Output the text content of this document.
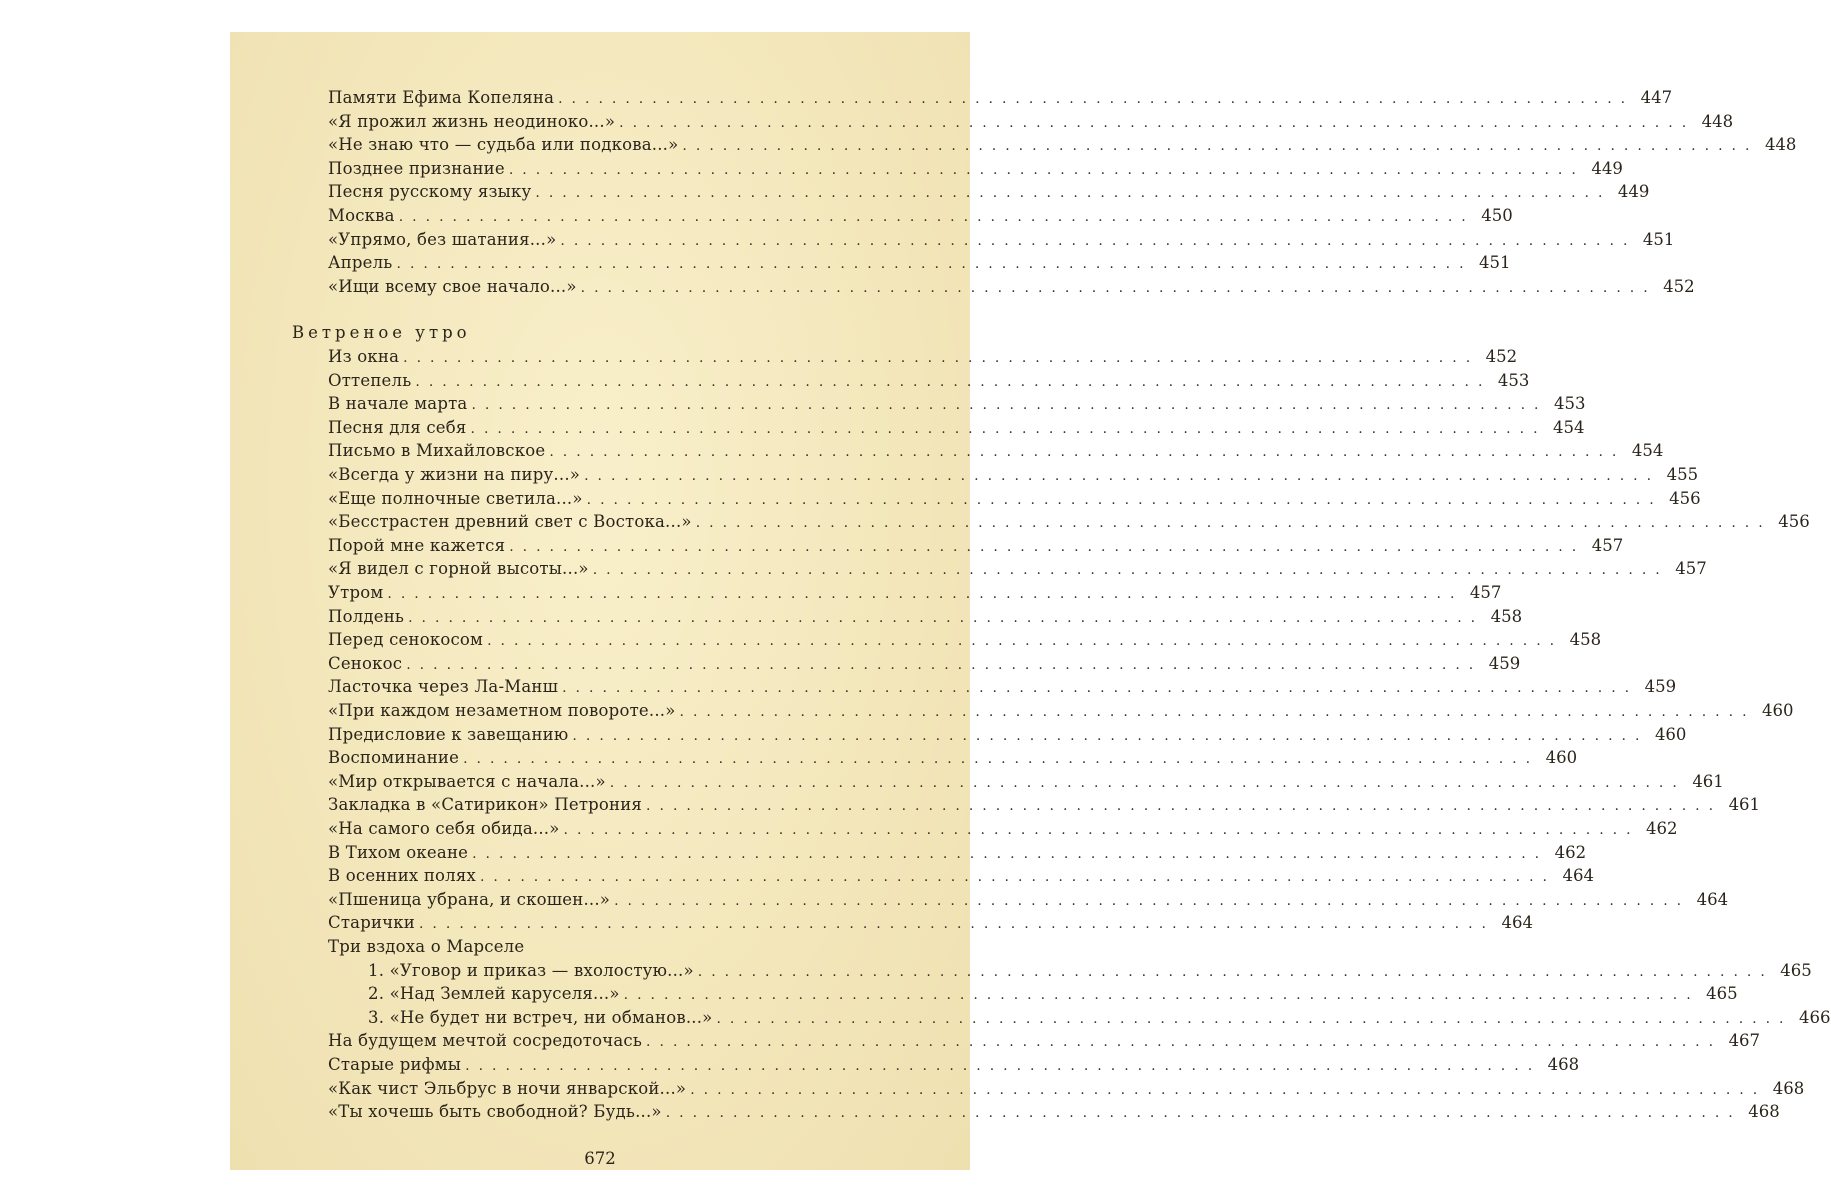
Памяти Ефима Копеляна ................................................................................ 447
«Я прожил жизнь неодиноко...» ................................................................................ 448
«Не знаю что — судьба или подкова...» ................................................................................ 448
Позднее признание ................................................................................ 449
Песня русскому языку ................................................................................ 449
Москва ................................................................................ 450
«Упрямо, без шатания...» ................................................................................ 451
Апрель ................................................................................ 451
«Ищи всему свое начало...» ................................................................................ 452
Ветреное утро
Из окна ................................................................................ 452
Оттепель ................................................................................ 453
В начале марта ................................................................................ 453
Песня для себя ................................................................................ 454
Письмо в Михайловское ................................................................................ 454
«Всегда у жизни на пиру...» ................................................................................ 455
«Еще полночные светила...» ................................................................................ 456
«Бесстрастен древний свет с Востока...» ................................................................................ 456
Порой мне кажется ................................................................................ 457
«Я видел с горной высоты...» ................................................................................ 457
Утром ................................................................................ 457
Полдень ................................................................................ 458
Перед сенокосом ................................................................................ 458
Сенокос ................................................................................ 459
Ласточка через Ла-Манш ................................................................................ 459
«При каждом незаметном повороте...» ................................................................................ 460
Предисловие к завещанию ................................................................................ 460
Воспоминание ................................................................................ 460
«Мир открывается с начала...» ................................................................................ 461
Закладка в «Сатирикон» Петрония ................................................................................ 461
«На самого себя обида...» ................................................................................ 462
В Тихом океане ................................................................................ 462
В осенних полях ................................................................................ 464
«Пшеница убрана, и скошен...» ................................................................................ 464
Старички ................................................................................ 464
Три вздоха о Марселе
1. «Уговор и приказ — вхолостую...» ................................................................................ 465
2. «Над Землей каруселя...» ................................................................................ 465
3. «Не будет ни встреч, ни обманов...» ................................................................................ 466
На будущем мечтой сосредоточась ................................................................................ 467
Старые рифмы ................................................................................ 468
«Как чист Эльбрус в ночи январской...» ................................................................................ 468
«Ты хочешь быть свободной? Будь...» ................................................................................ 468
672
